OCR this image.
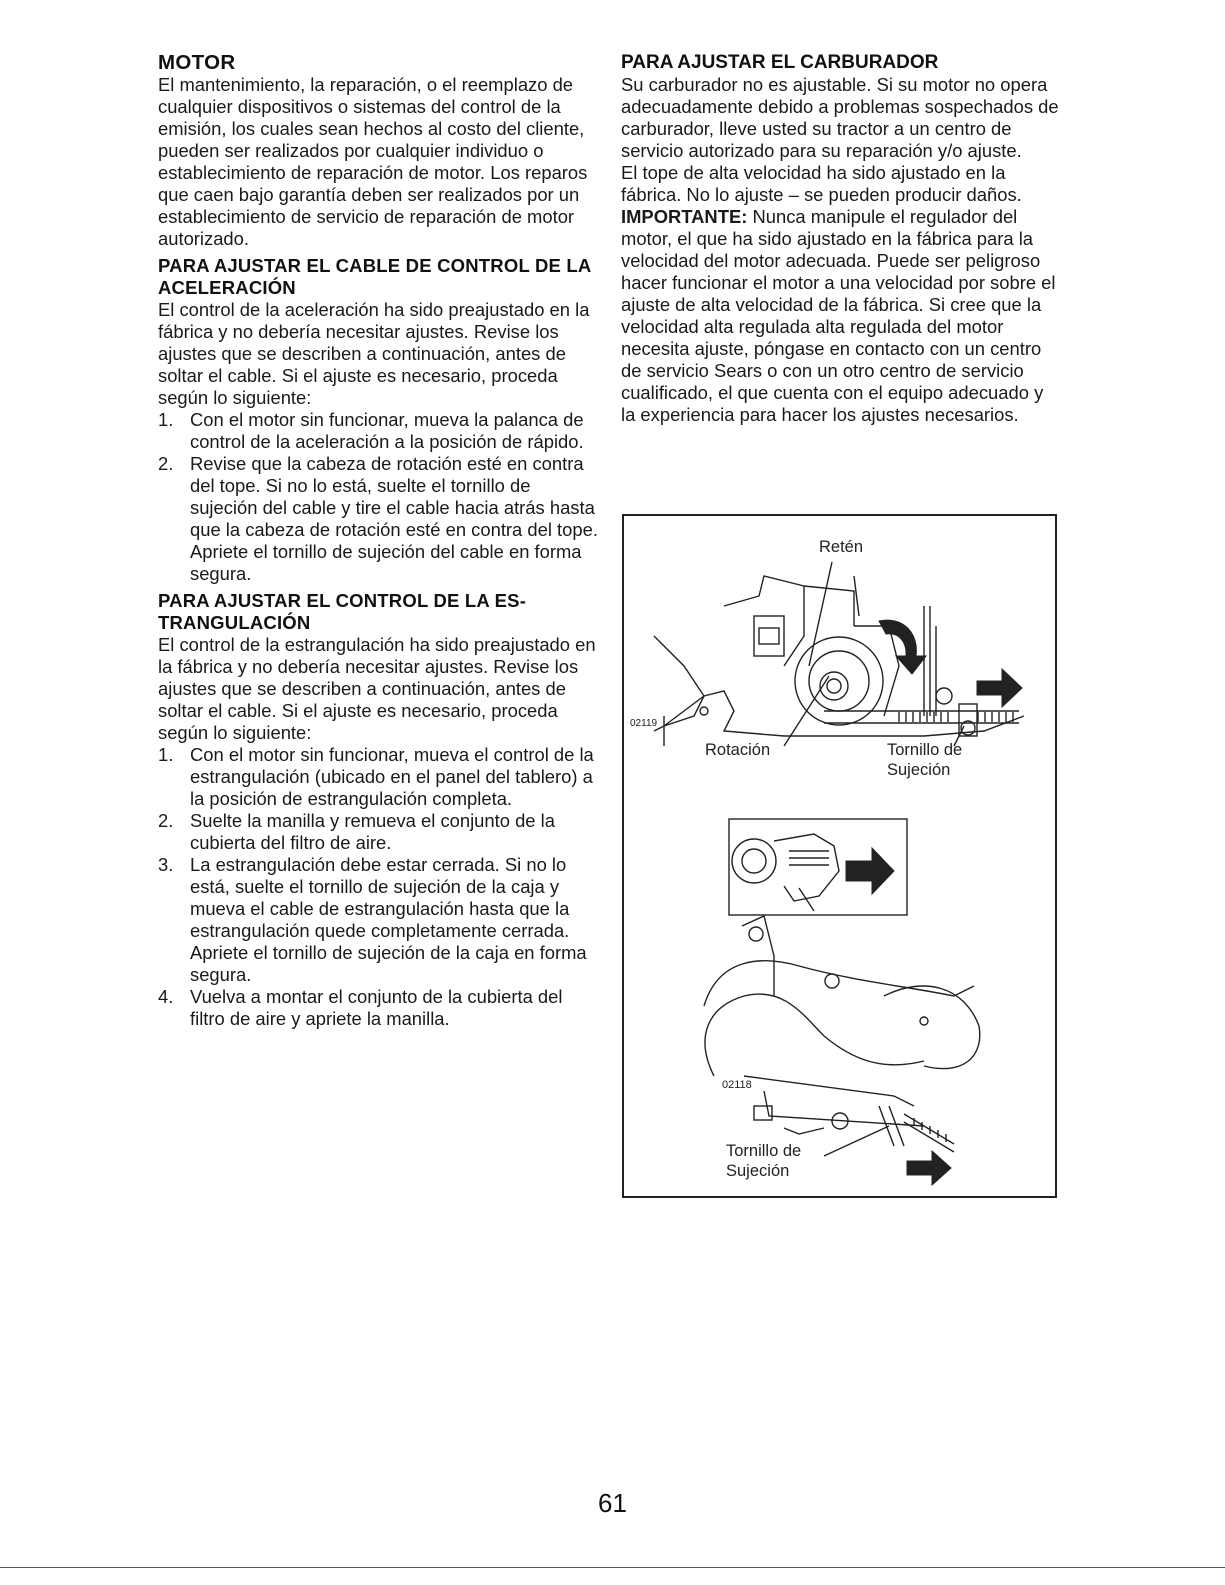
MOTOR

El mantenimiento, la reparación, o el reemplazo de cualquier dispositivos o sistemas del control de la emisión, los cuales sean hechos al costo del cliente, pueden ser realizados por cualquier individuo o establecimiento de reparación de motor. Los reparos que caen bajo garantía deben ser realizados por un establecimiento de servicio de reparación de motor autorizado.

PARA AJUSTAR EL CABLE DE CONTROL DE LA ACELERACIÓN

El control de la aceleración ha sido preajustado en la fábrica y no debería necesitar ajustes. Revise los ajustes que se describen a continuación, antes de soltar el cable. Si el ajuste es necesario, proceda según lo siguiente:

1. Con el motor sin funcionar, mueva la palanca de control de la aceleración a la posición de rápido.
2. Revise que la cabeza de rotación esté en contra del tope. Si no lo está, suelte el tornillo de sujeción del cable y tire el cable hacia atrás hasta que la cabeza de rotación esté en contra del tope. Apriete el tornillo de sujeción del cable en forma segura.
PARA AJUSTAR EL CONTROL DE LA ES-TRANGULACIÓN

El control de la estrangulación ha sido preajustado en la fábrica y no debería necesitar ajustes. Revise los ajustes que se describen a continuación, antes de soltar el cable. Si el ajuste es necesario, proceda según lo siguiente:

1. Con el motor sin funcionar, mueva el control de la estrangulación (ubicado en el panel del tablero) a la posición de estrangulación completa.
2. Suelte la manilla y remueva el conjunto de la cubierta del filtro de aire.
3. La estrangulación debe estar cerrada. Si no lo está, suelte el tornillo de sujeción de la caja y mueva el cable de estrangulación hasta que la estrangulación quede completamente cerrada. Apriete el tornillo de sujeción de la caja en forma segura.
4. Vuelva a montar el conjunto de la cubierta del filtro de aire y apriete la manilla.
PARA AJUSTAR EL CARBURADOR

Su carburador no es ajustable. Si su motor no opera adecuadamente debido a problemas sospechados de carburador, lleve usted su tractor a un centro de servicio autorizado para su reparación y/o ajuste.

El tope de alta velocidad ha sido ajustado en la fábrica. No lo ajuste – se pueden producir daños.

IMPORTANTE: Nunca manipule el regulador del motor, el que ha sido ajustado en la fábrica para la velocidad del motor adecuada. Puede ser peligroso hacer funcionar el motor a una velocidad por sobre el ajuste de alta velocidad de la fábrica. Si cree que la velocidad alta regulada alta regulada del motor necesita ajuste, póngase en contacto con un centro de servicio Sears o con un otro centro de servicio cualificado, el que cuenta con el equipo adecuado y la experiencia para hacer los ajustes necesarios.

Retén
02119
Rotación	Tornillo de
Sujeción
02118
Tornillo de
Sujeción
61
